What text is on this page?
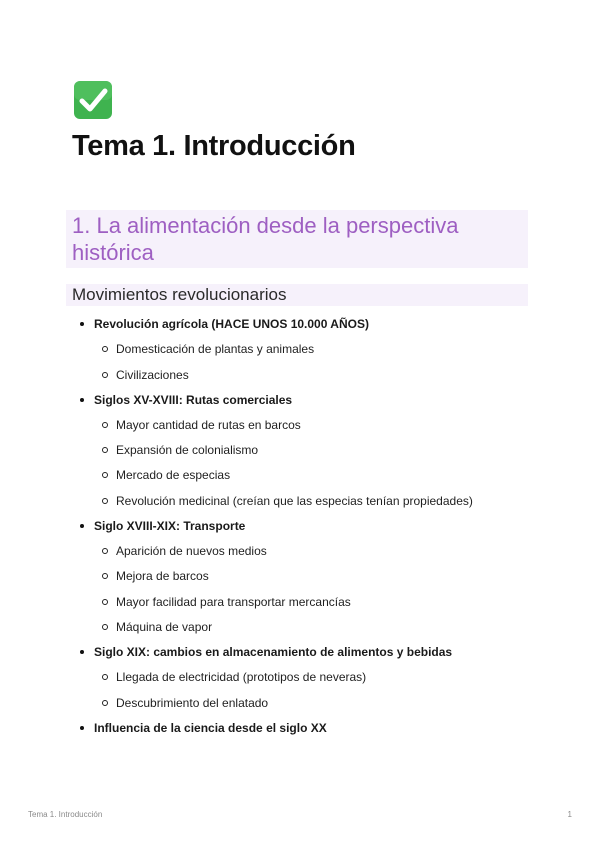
Tema 1. Introducción
1. La alimentación desde la perspectiva histórica
Movimientos revolucionarios
Revolución agrícola (HACE UNOS 10.000 AÑOS)
Domesticación de plantas y animales
Civilizaciones
Siglos XV-XVIII: Rutas comerciales
Mayor cantidad de rutas en barcos
Expansión de colonialismo
Mercado de especias
Revolución medicinal (creían que las especias tenían propiedades)
Siglo XVIII-XIX: Transporte
Aparición de nuevos medios
Mejora de barcos
Mayor facilidad para transportar mercancías
Máquina de vapor
Siglo XIX: cambios en almacenamiento de alimentos y bebidas
Llegada de electricidad (prototipos de neveras)
Descubrimiento del enlatado
Influencia de la ciencia desde el siglo XX
Tema 1. Introducción	1
